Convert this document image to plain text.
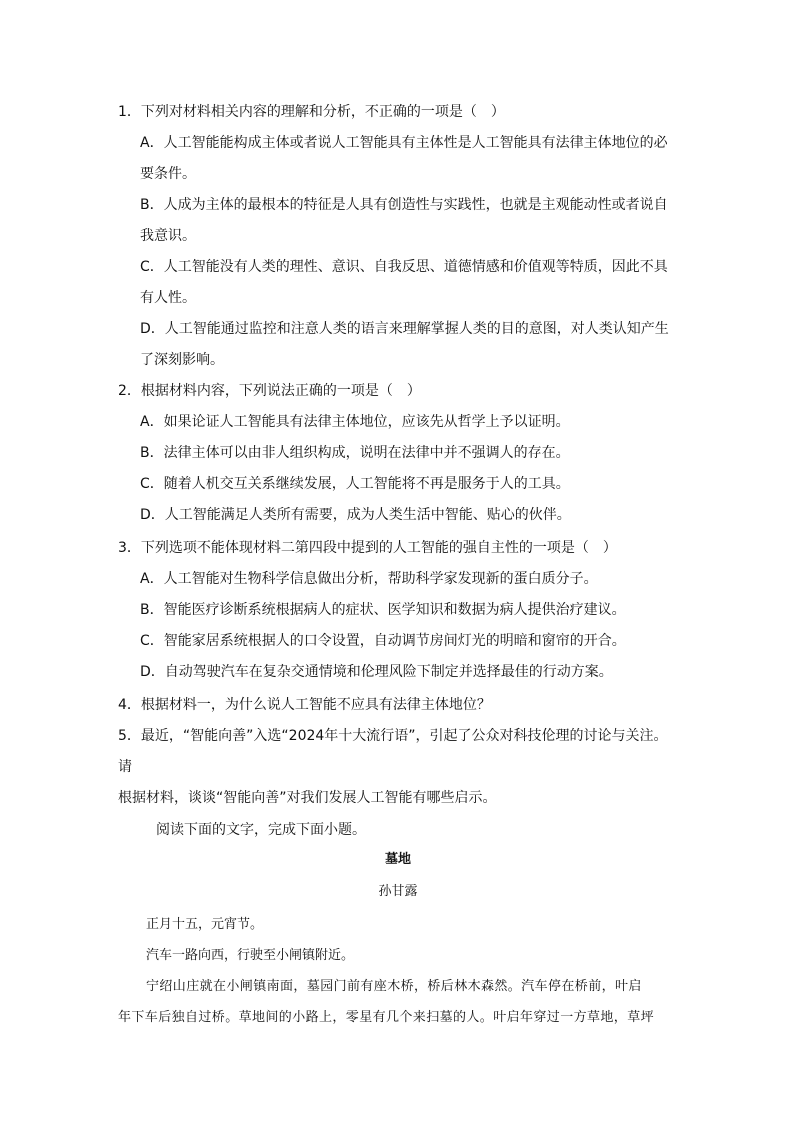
1．下列对材料相关内容的理解和分析，不正确的一项是（　）
A．人工智能能构成主体或者说人工智能具有主体性是人工智能具有法律主体地位的必
要条件。
B．人成为主体的最根本的特征是人具有创造性与实践性，也就是主观能动性或者说自
我意识。
C．人工智能没有人类的理性、意识、自我反思、道德情感和价值观等特质，因此不具
有人性。
D．人工智能通过监控和注意人类的语言来理解掌握人类的目的意图，对人类认知产生
了深刻影响。
2．根据材料内容，下列说法正确的一项是（　）
A．如果论证人工智能具有法律主体地位，应该先从哲学上予以证明。
B．法律主体可以由非人组织构成，说明在法律中并不强调人的存在。
C．随着人机交互关系继续发展，人工智能将不再是服务于人的工具。
D．人工智能满足人类所有需要，成为人类生活中智能、贴心的伙伴。
3．下列选项不能体现材料二第四段中提到的人工智能的强自主性的一项是（　）
A．人工智能对生物科学信息做出分析，帮助科学家发现新的蛋白质分子。
B．智能医疗诊断系统根据病人的症状、医学知识和数据为病人提供治疗建议。
C．智能家居系统根据人的口令设置，自动调节房间灯光的明暗和窗帘的开合。
D．自动驾驶汽车在复杂交通情境和伦理风险下制定并选择最佳的行动方案。
4．根据材料一，为什么说人工智能不应具有法律主体地位？
5．最近，“智能向善”入选“2024年十大流行语”，引起了公众对科技伦理的讨论与关注。请
根据材料，谈谈“智能向善”对我们发展人工智能有哪些启示。
阅读下面的文字，完成下面小题。
墓地
孙甘露
正月十五，元宵节。
汽车一路向西，行驶至小闸镇附近。
宁绍山庄就在小闸镇南面，墓园门前有座木桥，桥后林木森然。汽车停在桥前，叶启
年下车后独自过桥。草地间的小路上，零星有几个来扫墓的人。叶启年穿过一方草地，草坪
